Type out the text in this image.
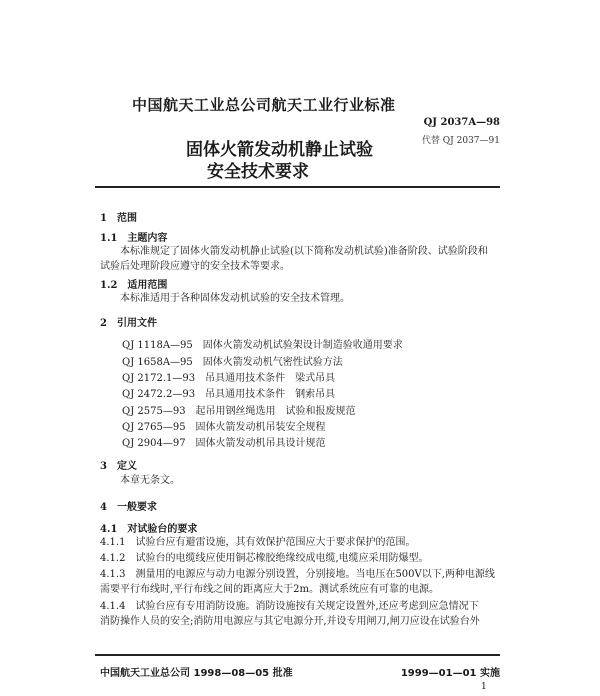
中国航天工业总公司航天工业行业标准
QJ 2037A—98
代替 QJ 2037—91
固体火箭发动机静止试验
安全技术要求
1　范围
1.1　主题内容
本标准规定了固体火箭发动机静止试验(以下简称发动机试验)准备阶段、试验阶段和
试验后处理阶段应遵守的安全技术等要求。
1.2　适用范围
本标准适用于各种固体发动机试验的安全技术管理。
2　引用文件
QJ 1118A—95　固体火箭发动机试验架设计制造验收通用要求
QJ 1658A—95　固体火箭发动机气密性试验方法
QJ 2172.1—93　吊具通用技术条件　梁式吊具
QJ 2472.2—93　吊具通用技术条件　钢索吊具
QJ 2575—93　起吊用钢丝绳选用　试验和报废规范
QJ 2765—95　固体火箭发动机吊装安全规程
QJ 2904—97　固体火箭发动机吊具设计规范
3　定义
本章无条文。
4　一般要求
4.1　对试验台的要求
4.1.1　试验台应有避雷设施，其有效保护范围应大于要求保护的范围。
4.1.2　试验台的电缆线应使用铜芯橡胶绝缘绞成电缆,电缆应采用防爆型。
4.1.3　测量用的电源应与动力电源分别设置，分别接地。当电压在500V以下,两种电源线
需要平行布线时,平行布线之间的距离应大于2m。测试系统应有可靠的电源。
4.1.4　试验台应有专用消防设施。消防设施按有关规定设置外,还应考虑到应急情况下
消防操作人员的安全;消防用电源应与其它电源分开,并设专用闸刀,闸刀应设在试验台外
中国航天工业总公司 1998—08—05 批准	1999—01—01 实施
1
